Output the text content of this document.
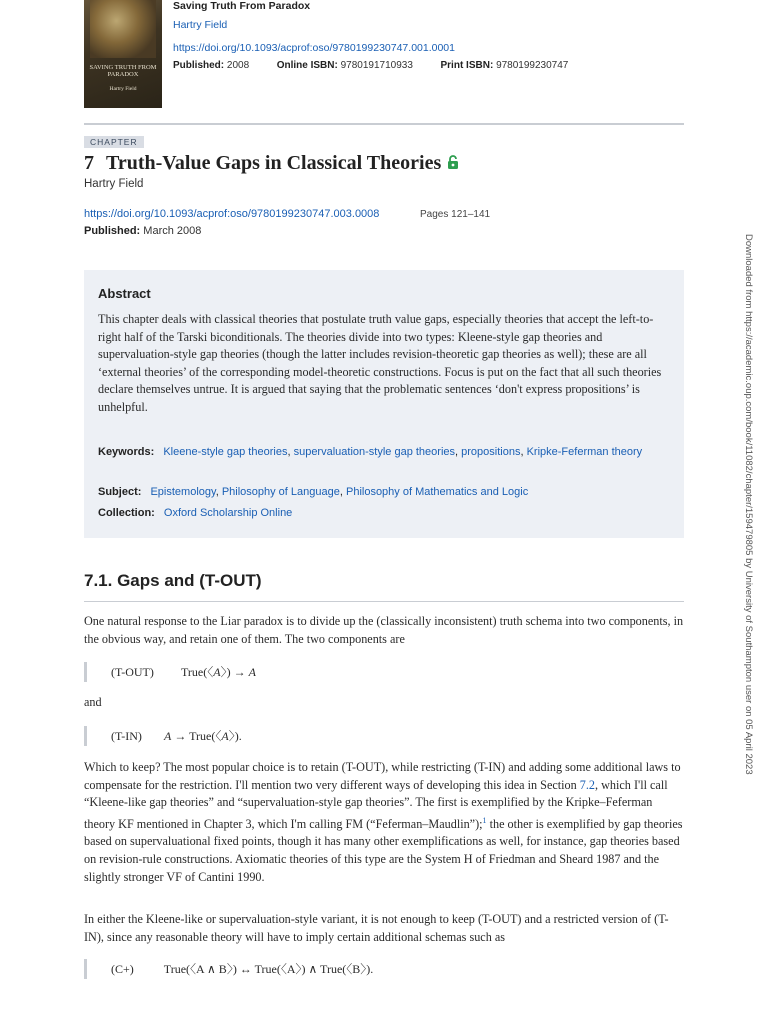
SAVING TRUTH FROM PARADOX
Hartry Field
Saving Truth From Paradox
Hartry Field
https://doi.org/10.1093/acprof:oso/9780199230747.001.0001
Published: 2008	Online ISBN: 9780191710933	Print ISBN: 9780199230747
CHAPTER
7 Truth-Value Gaps in Classical Theories
Hartry Field
https://doi.org/10.1093/acprof:oso/9780199230747.003.0008	Pages 121–141
Published: March 2008
Abstract
This chapter deals with classical theories that postulate truth value gaps, especially theories that accept the left-to-right half of the Tarski biconditionals. The theories divide into two types: Kleene-style gap theories and supervaluation-style gap theories (though the latter includes revision-theoretic gap theories as well); these are all ‘external theories’ of the corresponding model-theoretic constructions. Focus is put on the fact that all such theories declare themselves untrue. It is argued that saying that the problematic sentences ‘don't express propositions’ is unhelpful.
Keywords: Kleene-style gap theories, supervaluation-style gap theories, propositions, Kripke-Feferman theory
Subject: Epistemology, Philosophy of Language, Philosophy of Mathematics and Logic
Collection: Oxford Scholarship Online
7.1. Gaps and (T-OUT)
One natural response to the Liar paradox is to divide up the (classically inconsistent) truth schema into two components, in the obvious way, and retain one of them. The two components are
(T-OUT) True(〈A〉) → A
and
(T-IN) A → True(〈A〉).
Which to keep? The most popular choice is to retain (T-OUT), while restricting (T-IN) and adding some additional laws to compensate for the restriction. I'll mention two very different ways of developing this idea in Section 7.2, which I'll call “Kleene-like gap theories” and “supervaluation-style gap theories”. The first is exemplified by the Kripke–Feferman theory KF mentioned in Chapter 3, which I'm calling FM (“Feferman–Maudlin”);$^1$ the other is exemplified by gap theories based on supervaluational fixed points, though it has many other exemplifications as well, for instance, gap theories based on revision-rule constructions. Axiomatic theories of this type are the System H of Friedman and Sheard 1987 and the slightly stronger VF of Cantini 1990.
In either the Kleene-like or supervaluation-style variant, it is not enough to keep (T-OUT) and a restricted version of (T-IN), since any reasonable theory will have to imply certain additional schemas such as
(C+)	True(〈A ∧ B〉) ↔ True(〈A〉) ∧ True(〈B〉).
Downloaded from https://academic.oup.com/book/11082/chapter/159479805 by University of Southampton user on 05 April 2023
